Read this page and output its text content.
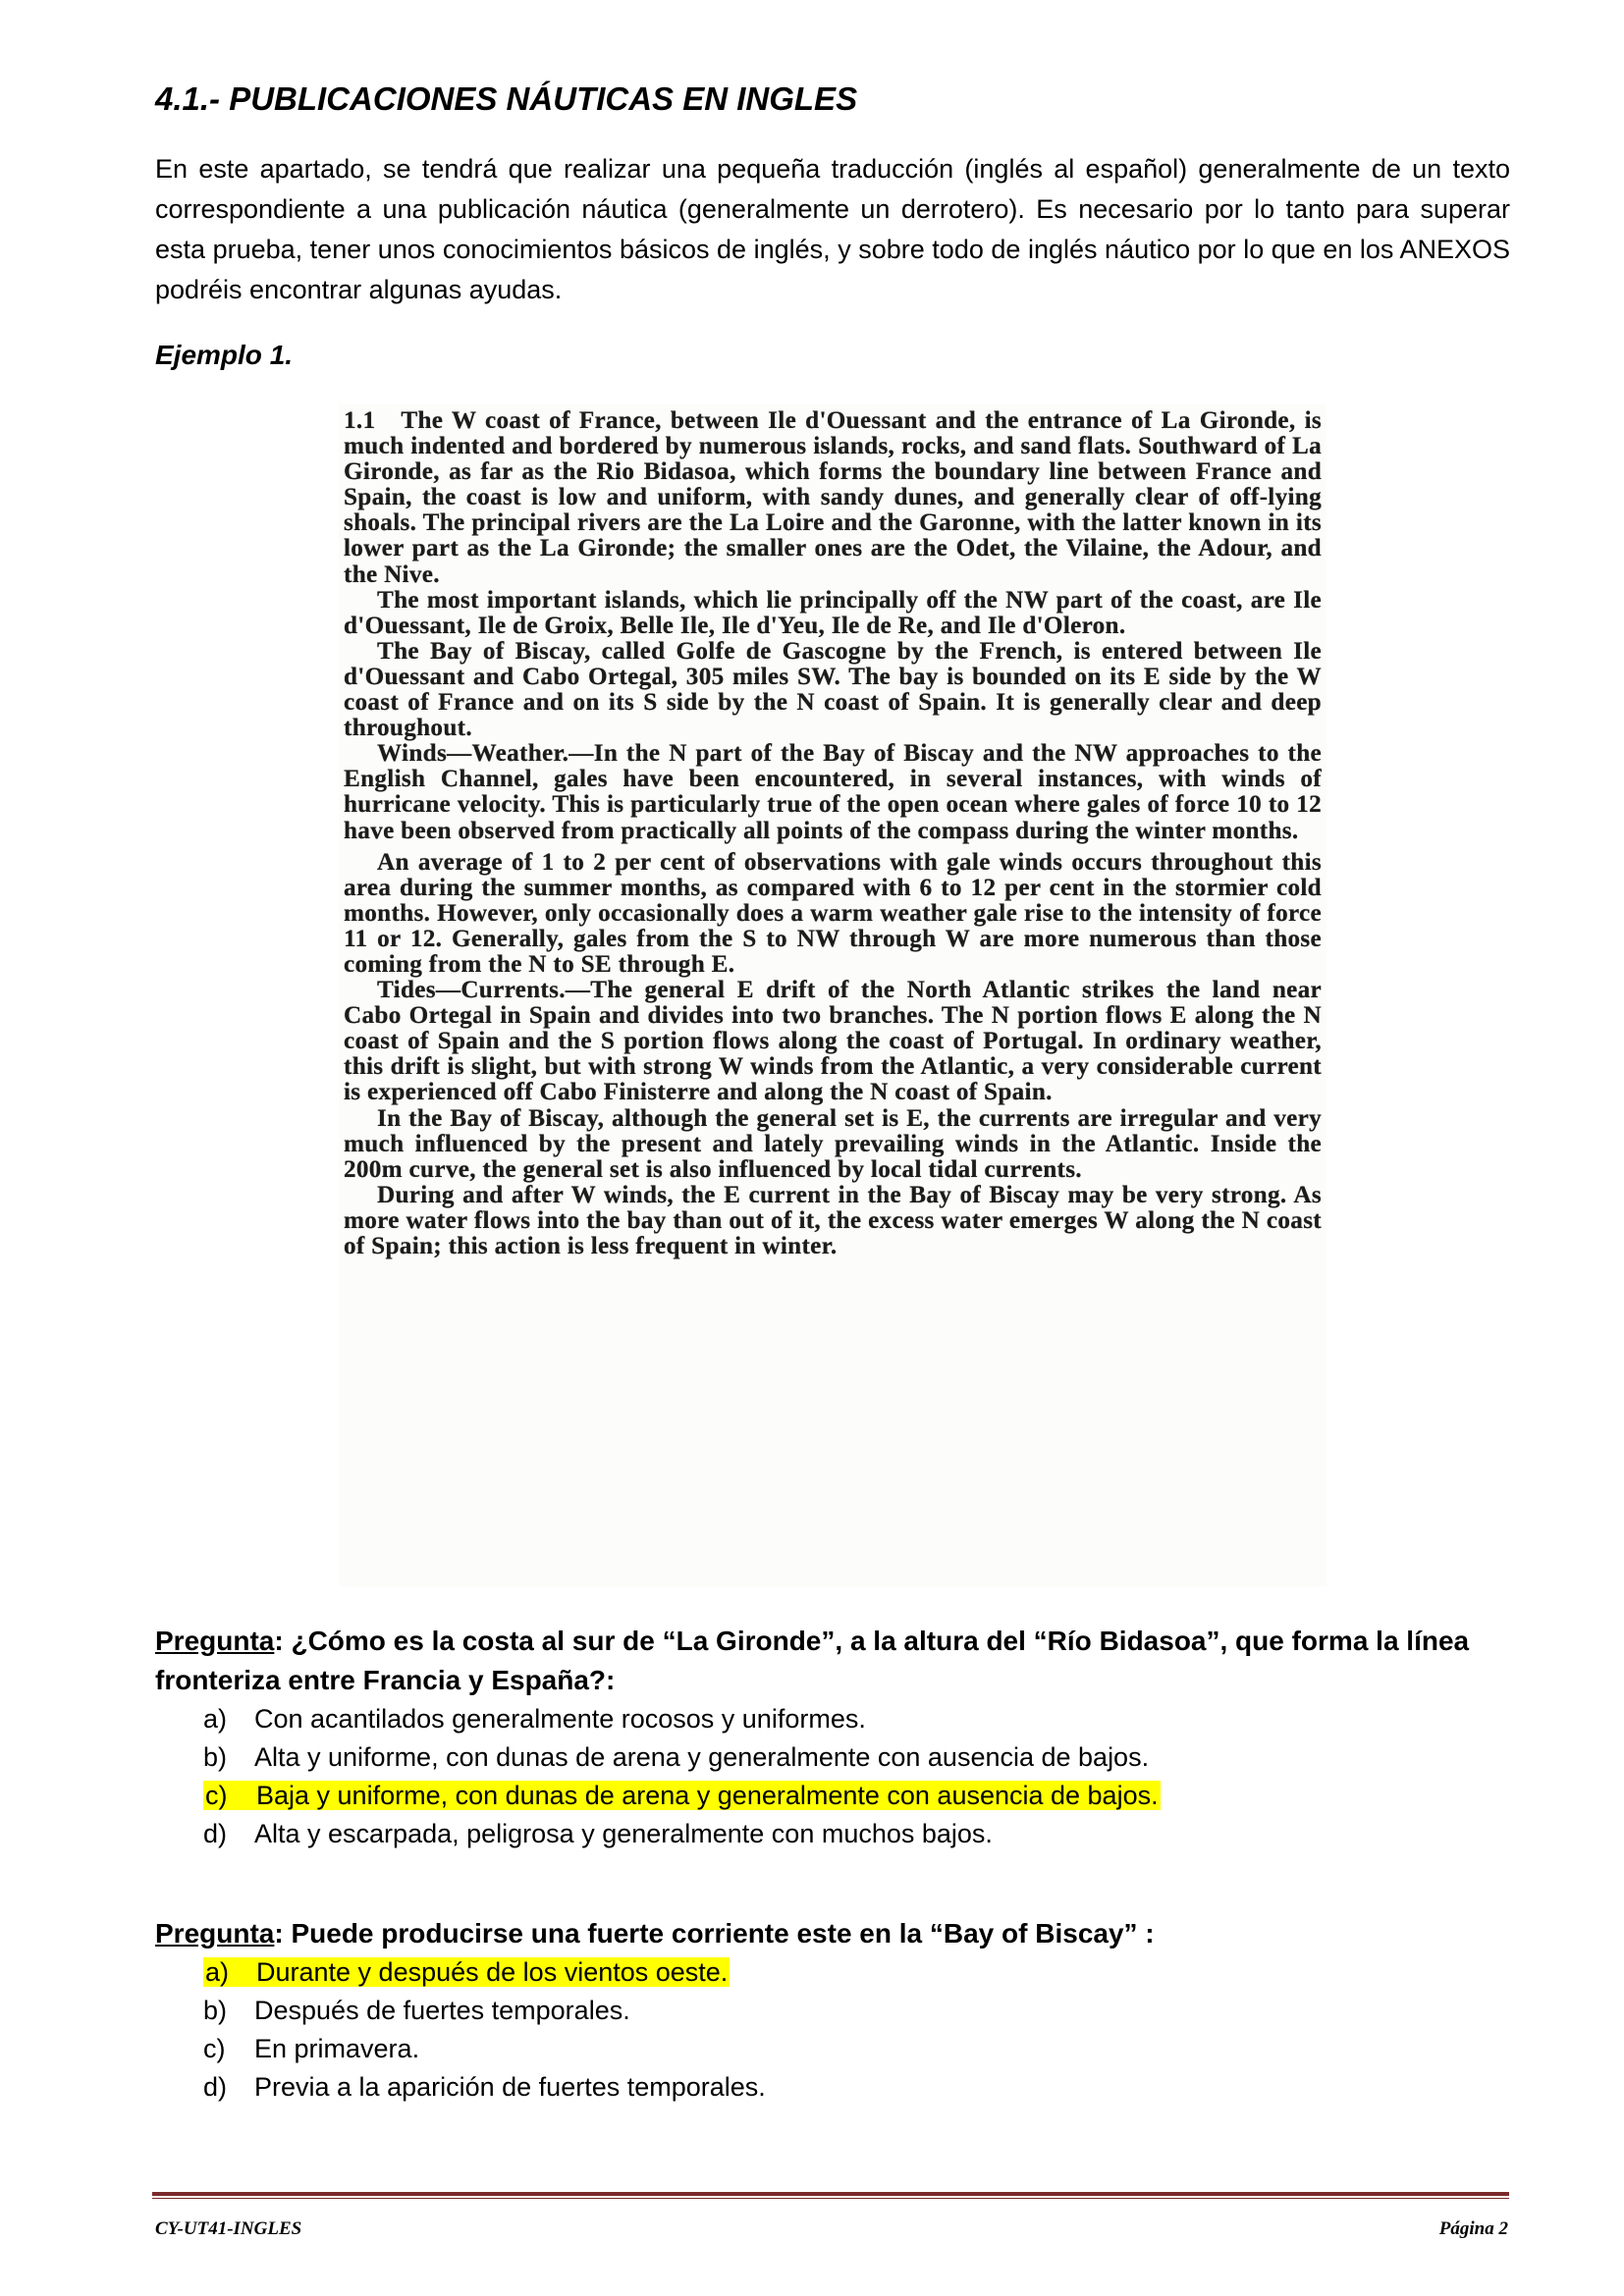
4.1.- PUBLICACIONES NÁUTICAS EN INGLES
En este apartado, se tendrá que realizar una pequeña traducción (inglés al español) generalmente de un texto correspondiente a una publicación náutica (generalmente un derrotero). Es necesario por lo tanto para superar esta prueba, tener unos conocimientos básicos de inglés, y sobre todo de inglés náutico por lo que en los ANEXOS podréis encontrar algunas ayudas.
Ejemplo 1.

1.1 The W coast of France, between Ile d'Ouessant and the entrance of La Gironde, is much indented and bordered by numerous islands, rocks, and sand flats. Southward of La Gironde, as far as the Rio Bidasoa, which forms the boundary line between France and Spain, the coast is low and uniform, with sandy dunes, and generally clear of off-lying shoals. The principal rivers are the La Loire and the Garonne, with the latter known in its lower part as the La Gironde; the smaller ones are the Odet, the Vilaine, the Adour, and the Nive.

The most important islands, which lie principally off the NW part of the coast, are Ile d'Ouessant, Ile de Groix, Belle Ile, Ile d'Yeu, Ile de Re, and Ile d'Oleron.

The Bay of Biscay, called Golfe de Gascogne by the French, is entered between Ile d'Ouessant and Cabo Ortegal, 305 miles SW. The bay is bounded on its E side by the W coast of France and on its S side by the N coast of Spain. It is generally clear and deep throughout.

Winds—Weather.—In the N part of the Bay of Biscay and the NW approaches to the English Channel, gales have been encountered, in several instances, with winds of hurricane velocity. This is particularly true of the open ocean where gales of force 10 to 12 have been observed from practically all points of the compass during the winter months.

An average of 1 to 2 per cent of observations with gale winds occurs throughout this area during the summer months, as compared with 6 to 12 per cent in the stormier cold months. However, only occasionally does a warm weather gale rise to the intensity of force 11 or 12. Generally, gales from the S to NW through W are more numerous than those coming from the N to SE through E.

Tides—Currents.—The general E drift of the North Atlantic strikes the land near Cabo Ortegal in Spain and divides into two branches. The N portion flows E along the N coast of Spain and the S portion flows along the coast of Portugal. In ordinary weather, this drift is slight, but with strong W winds from the Atlantic, a very considerable current is experienced off Cabo Finisterre and along the N coast of Spain.

In the Bay of Biscay, although the general set is E, the currents are irregular and very much influenced by the present and lately prevailing winds in the Atlantic. Inside the 200m curve, the general set is also influenced by local tidal currents.

During and after W winds, the E current in the Bay of Biscay may be very strong. As more water flows into the bay than out of it, the excess water emerges W along the N coast of Spain; this action is less frequent in winter.

Pregunta: ¿Cómo es la costa al sur de “La Gironde”, a la altura del “Río Bidasoa”, que forma la línea fronteriza entre Francia y España?:
a) Con acantilados generalmente rocosos y uniformes.
b) Alta y uniforme, con dunas de arena y generalmente con ausencia de bajos.
c) Baja y uniforme, con dunas de arena y generalmente con ausencia de bajos.
d) Alta y escarpada, peligrosa y generalmente con muchos bajos.
Pregunta: Puede producirse una fuerte corriente este en la “Bay of Biscay” :
a) Durante y después de los vientos oeste.
b) Después de fuertes temporales.
c) En primavera.
d) Previa a la aparición de fuertes temporales.
CY-UT41-INGLES	Página 2
